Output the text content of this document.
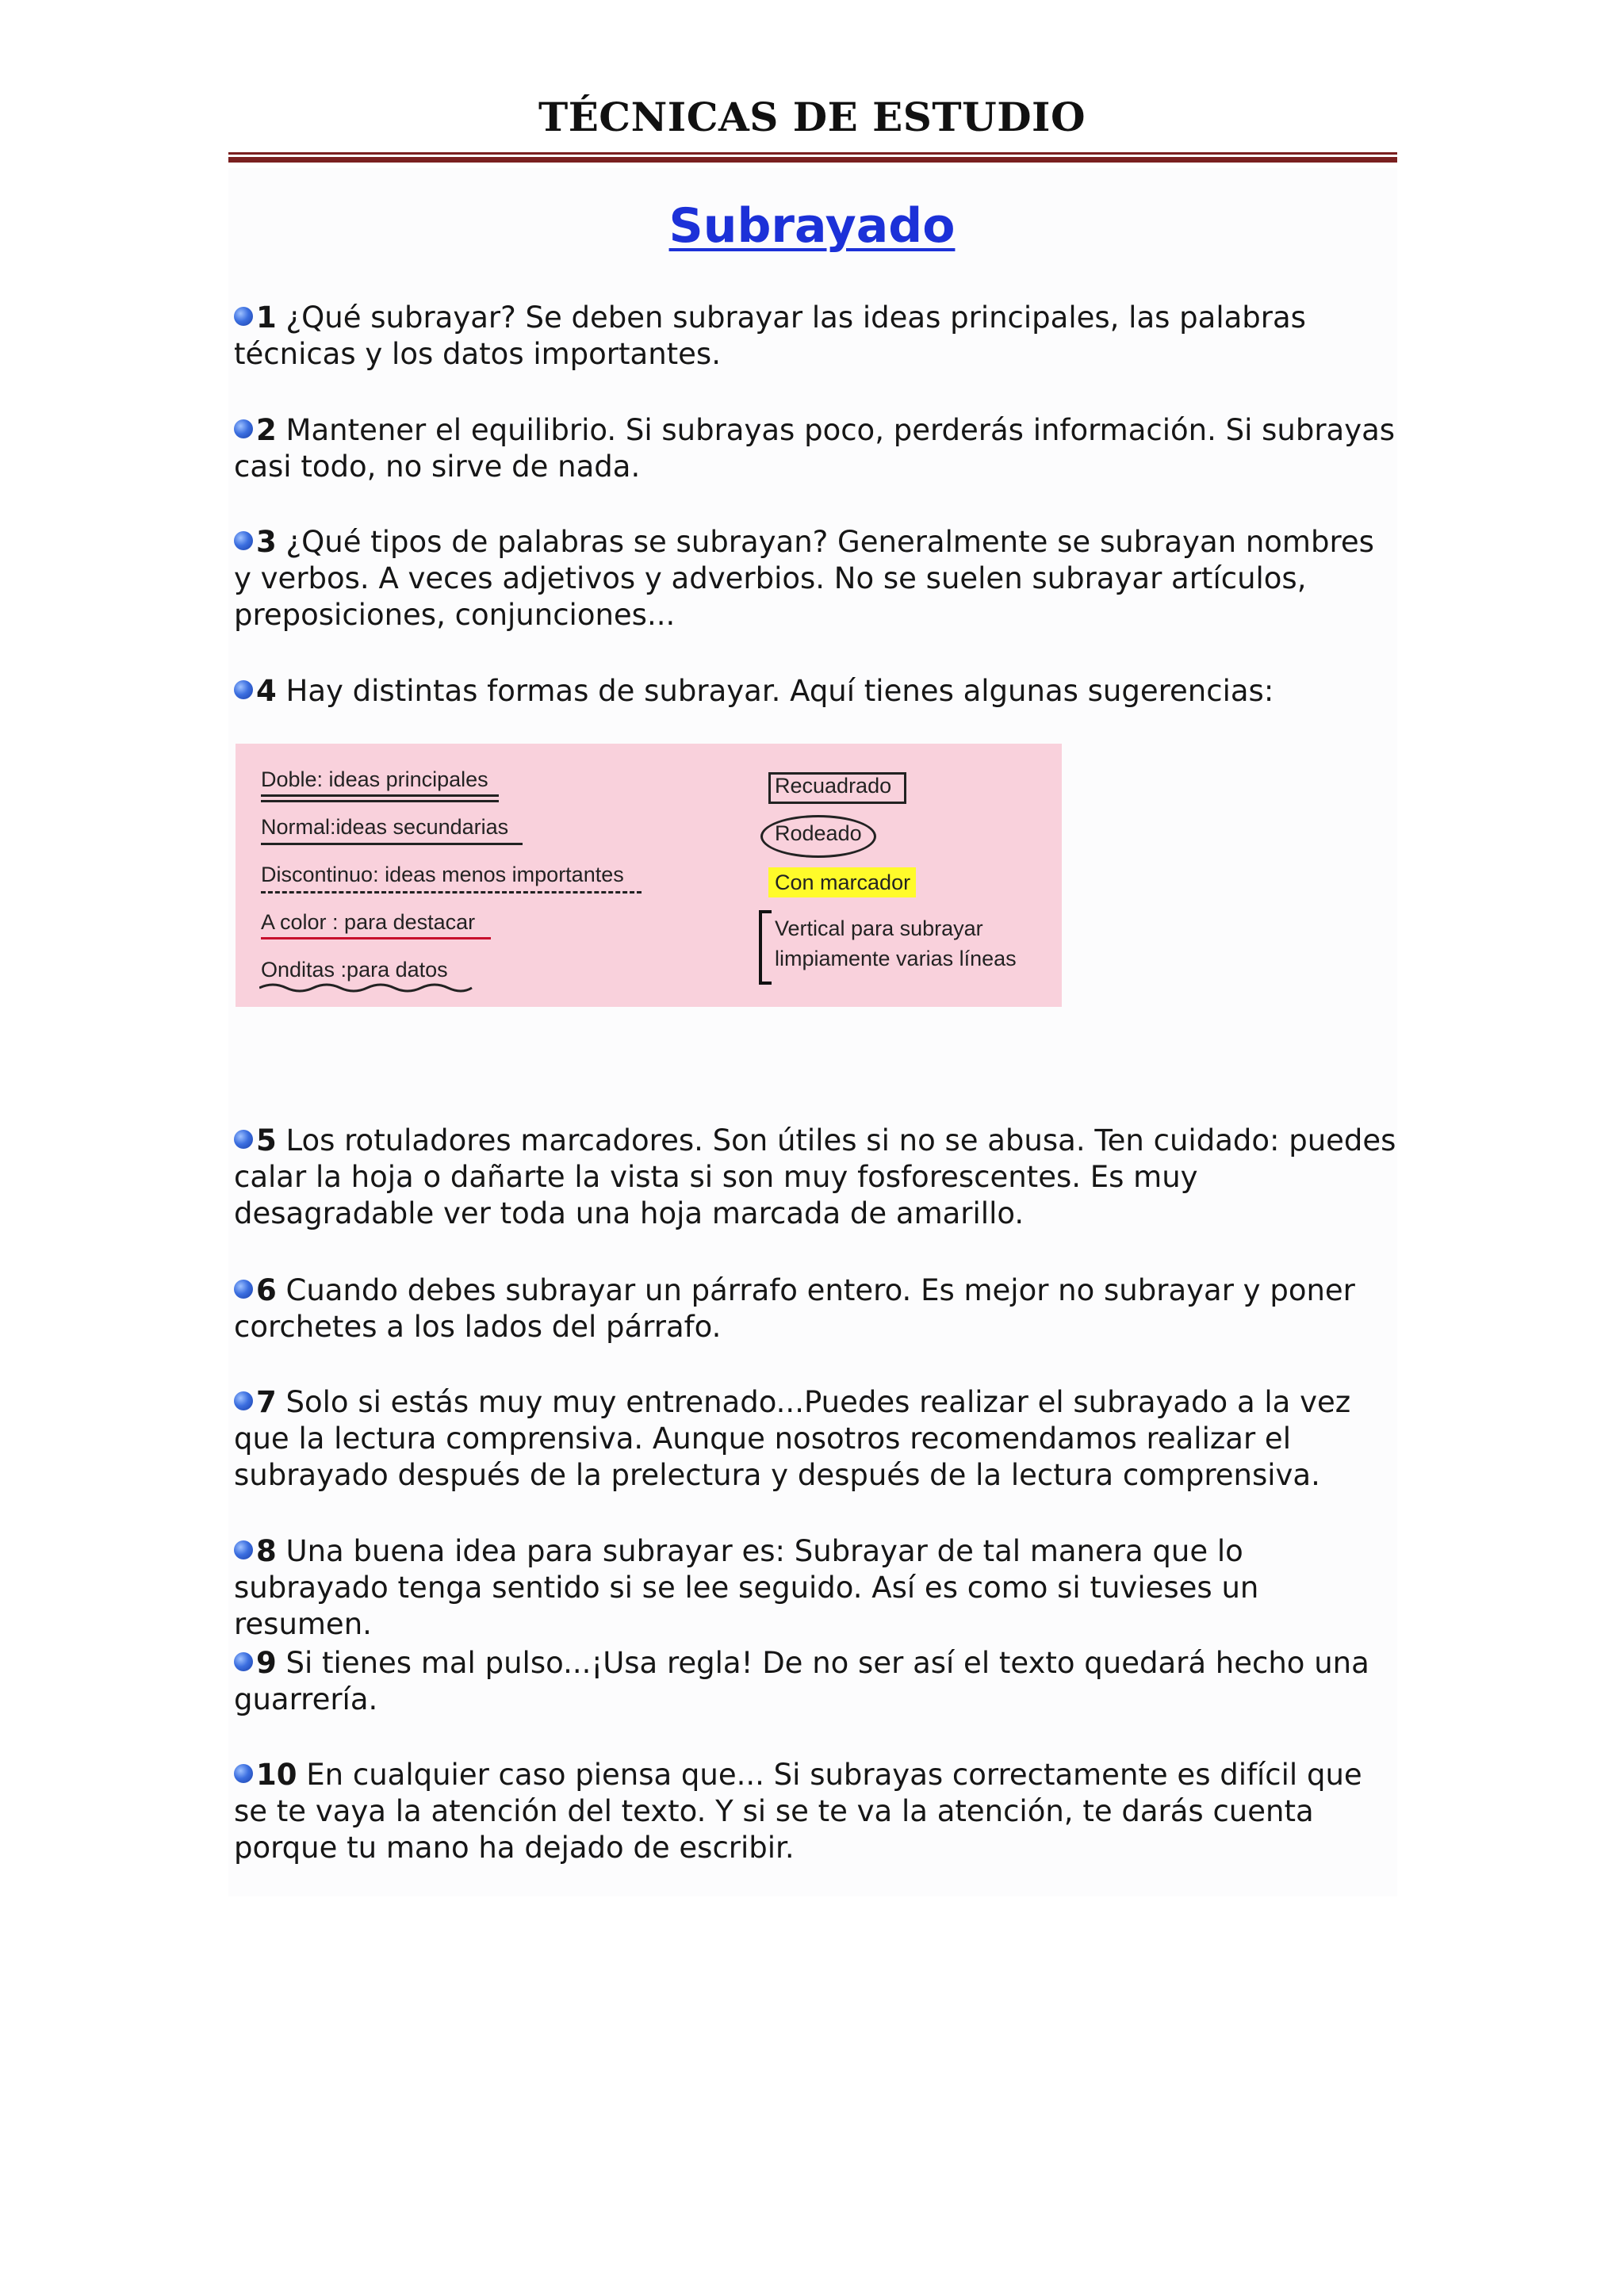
TÉCNICAS DE ESTUDIO
Subrayado
1 ¿Qué subrayar? Se deben subrayar las ideas principales, las palabras técnicas y los datos importantes.
2 Mantener el equilibrio. Si subrayas poco, perderás información. Si subrayas casi todo, no sirve de nada.
3 ¿Qué tipos de palabras se subrayan? Generalmente se subrayan nombres y verbos. A veces adjetivos y adverbios. No se suelen subrayar artículos, preposiciones, conjunciones...
4 Hay distintas formas de subrayar. Aquí tienes algunas sugerencias:
Doble: ideas principales
Normal:ideas secundarias
Discontinuo: ideas menos importantes
A color : para destacar
Onditas :para datos
Recuadrado
Rodeado
Con marcador
Vertical para subrayar
limpiamente varias líneas
5 Los rotuladores marcadores. Son útiles si no se abusa. Ten cuidado: puedes calar la hoja o dañarte la vista si son muy fosforescentes. Es muy desagradable ver toda una hoja marcada de amarillo.
6 Cuando debes subrayar un párrafo entero. Es mejor no subrayar y poner corchetes a los lados del párrafo.
7 Solo si estás muy muy entrenado...Puedes realizar el subrayado a la vez que la lectura comprensiva. Aunque nosotros recomendamos realizar el subrayado después de la prelectura y después de la lectura comprensiva.
8 Una buena idea para subrayar es: Subrayar de tal manera que lo subrayado tenga sentido si se lee seguido. Así es como si tuvieses un resumen.
9 Si tienes mal pulso...¡Usa regla! De no ser así el texto quedará hecho una guarrería.
10 En cualquier caso piensa que... Si subrayas correctamente es difícil que se te vaya la atención del texto. Y si se te va la atención, te darás cuenta porque tu mano ha dejado de escribir.
